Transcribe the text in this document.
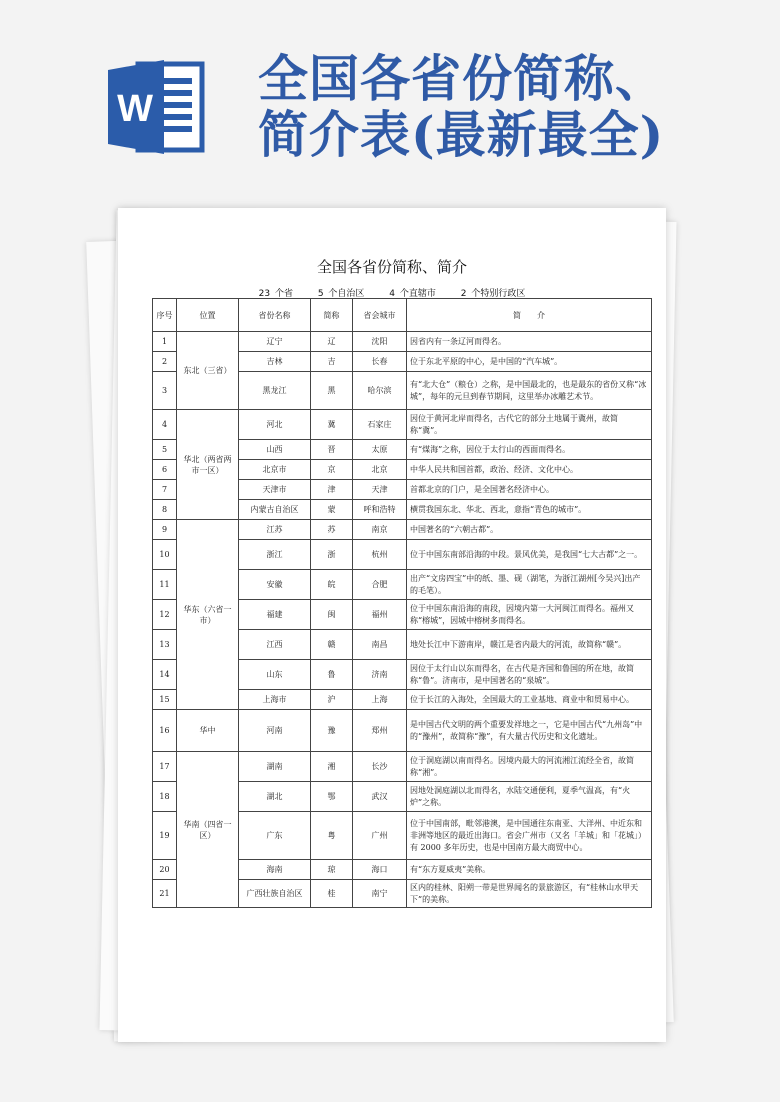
W
全国各省份简称、
简介表(最新最全)
全国各省份简称、简介
23 个省	5 个自治区	4 个直辖市	2 个特别行政区
序号	位置	省份名称	简称	省会城市	简　　介
1	东北（三省）	辽宁	辽	沈阳	因省内有一条辽河而得名。
2		吉林	吉	长春	位于东北平原的中心，是中国的“汽车城”。
3		黑龙江	黑	哈尔滨	有“北大仓”（粮仓）之称，是中国最北的，也是最东的省份又称“冰城”，每年的元旦到春节期间，这里举办冰雕艺术节。
4	华北（两省两市一区）	河北	冀	石家庄	因位于黄河北岸而得名，古代它的部分土地属于冀州，故简称“冀”。
5		山西	晋	太原	有“煤海”之称，因位于太行山的西面而得名。
6		北京市	京	北京	中华人民共和国首都，政治、经济、文化中心。
7		天津市	津	天津	首都北京的门户，是全国著名经济中心。
8		内蒙古自治区	蒙	呼和浩特	横贯我国东北、华北、西北，意指“青色的城市”。
9	华东（六省一市）	江苏	苏	南京	中国著名的“六朝古都”。
10		浙江	浙	杭州	位于中国东南部沿海的中段。景风优美，是我国“七大古都”之一。
11		安徽	皖	合肥	出产“文房四宝”中的纸、墨、砚（湖笔，为浙江湖州[今吴兴]出产的毛笔）。
12		福建	闽	福州	位于中国东南沿海的南段，因境内第一大河闽江而得名。福州又称“榕城”，因城中榕树多而得名。
13		江西	赣	南昌	地处长江中下游南岸，赣江是省内最大的河流，故简称“赣”。
14		山东	鲁	济南	因位于太行山以东而得名，在古代是齐国和鲁国的所在地，故简称“鲁”。济南市，是中国著名的“泉城”。
15		上海市	沪	上海	位于长江的入海处，全国最大的工业基地、商业中和贸易中心。
16	华中	河南	豫	郑州	是中国古代文明的两个重要发祥地之一，它是中国古代“九州岛”中的“豫州”，故简称“豫”，有大量古代历史和文化遗址。
17	华南（四省一区）	湖南	湘	长沙	位于洞庭湖以南而得名。因境内最大的河流湘江流经全省，故简称“湘”。
18		湖北	鄂	武汉	因地处洞庭湖以北而得名，水陆交通便利，夏季气温高，有“火炉”之称。
19		广东	粤	广州	位于中国南部，毗邻港澳，是中国通往东南亚、大洋州、中近东和非洲等地区的最近出海口。省会广州市（又名「羊城」和「花城」）有 2000 多年历史，也是中国南方最大商贸中心。
20		海南	琼	海口	有“东方夏威夷”美称。
21		广西壮族自治区	桂	南宁	区内的桂林、阳朔一带是世界闻名的景旅游区，有“桂林山水甲天下”的美称。
